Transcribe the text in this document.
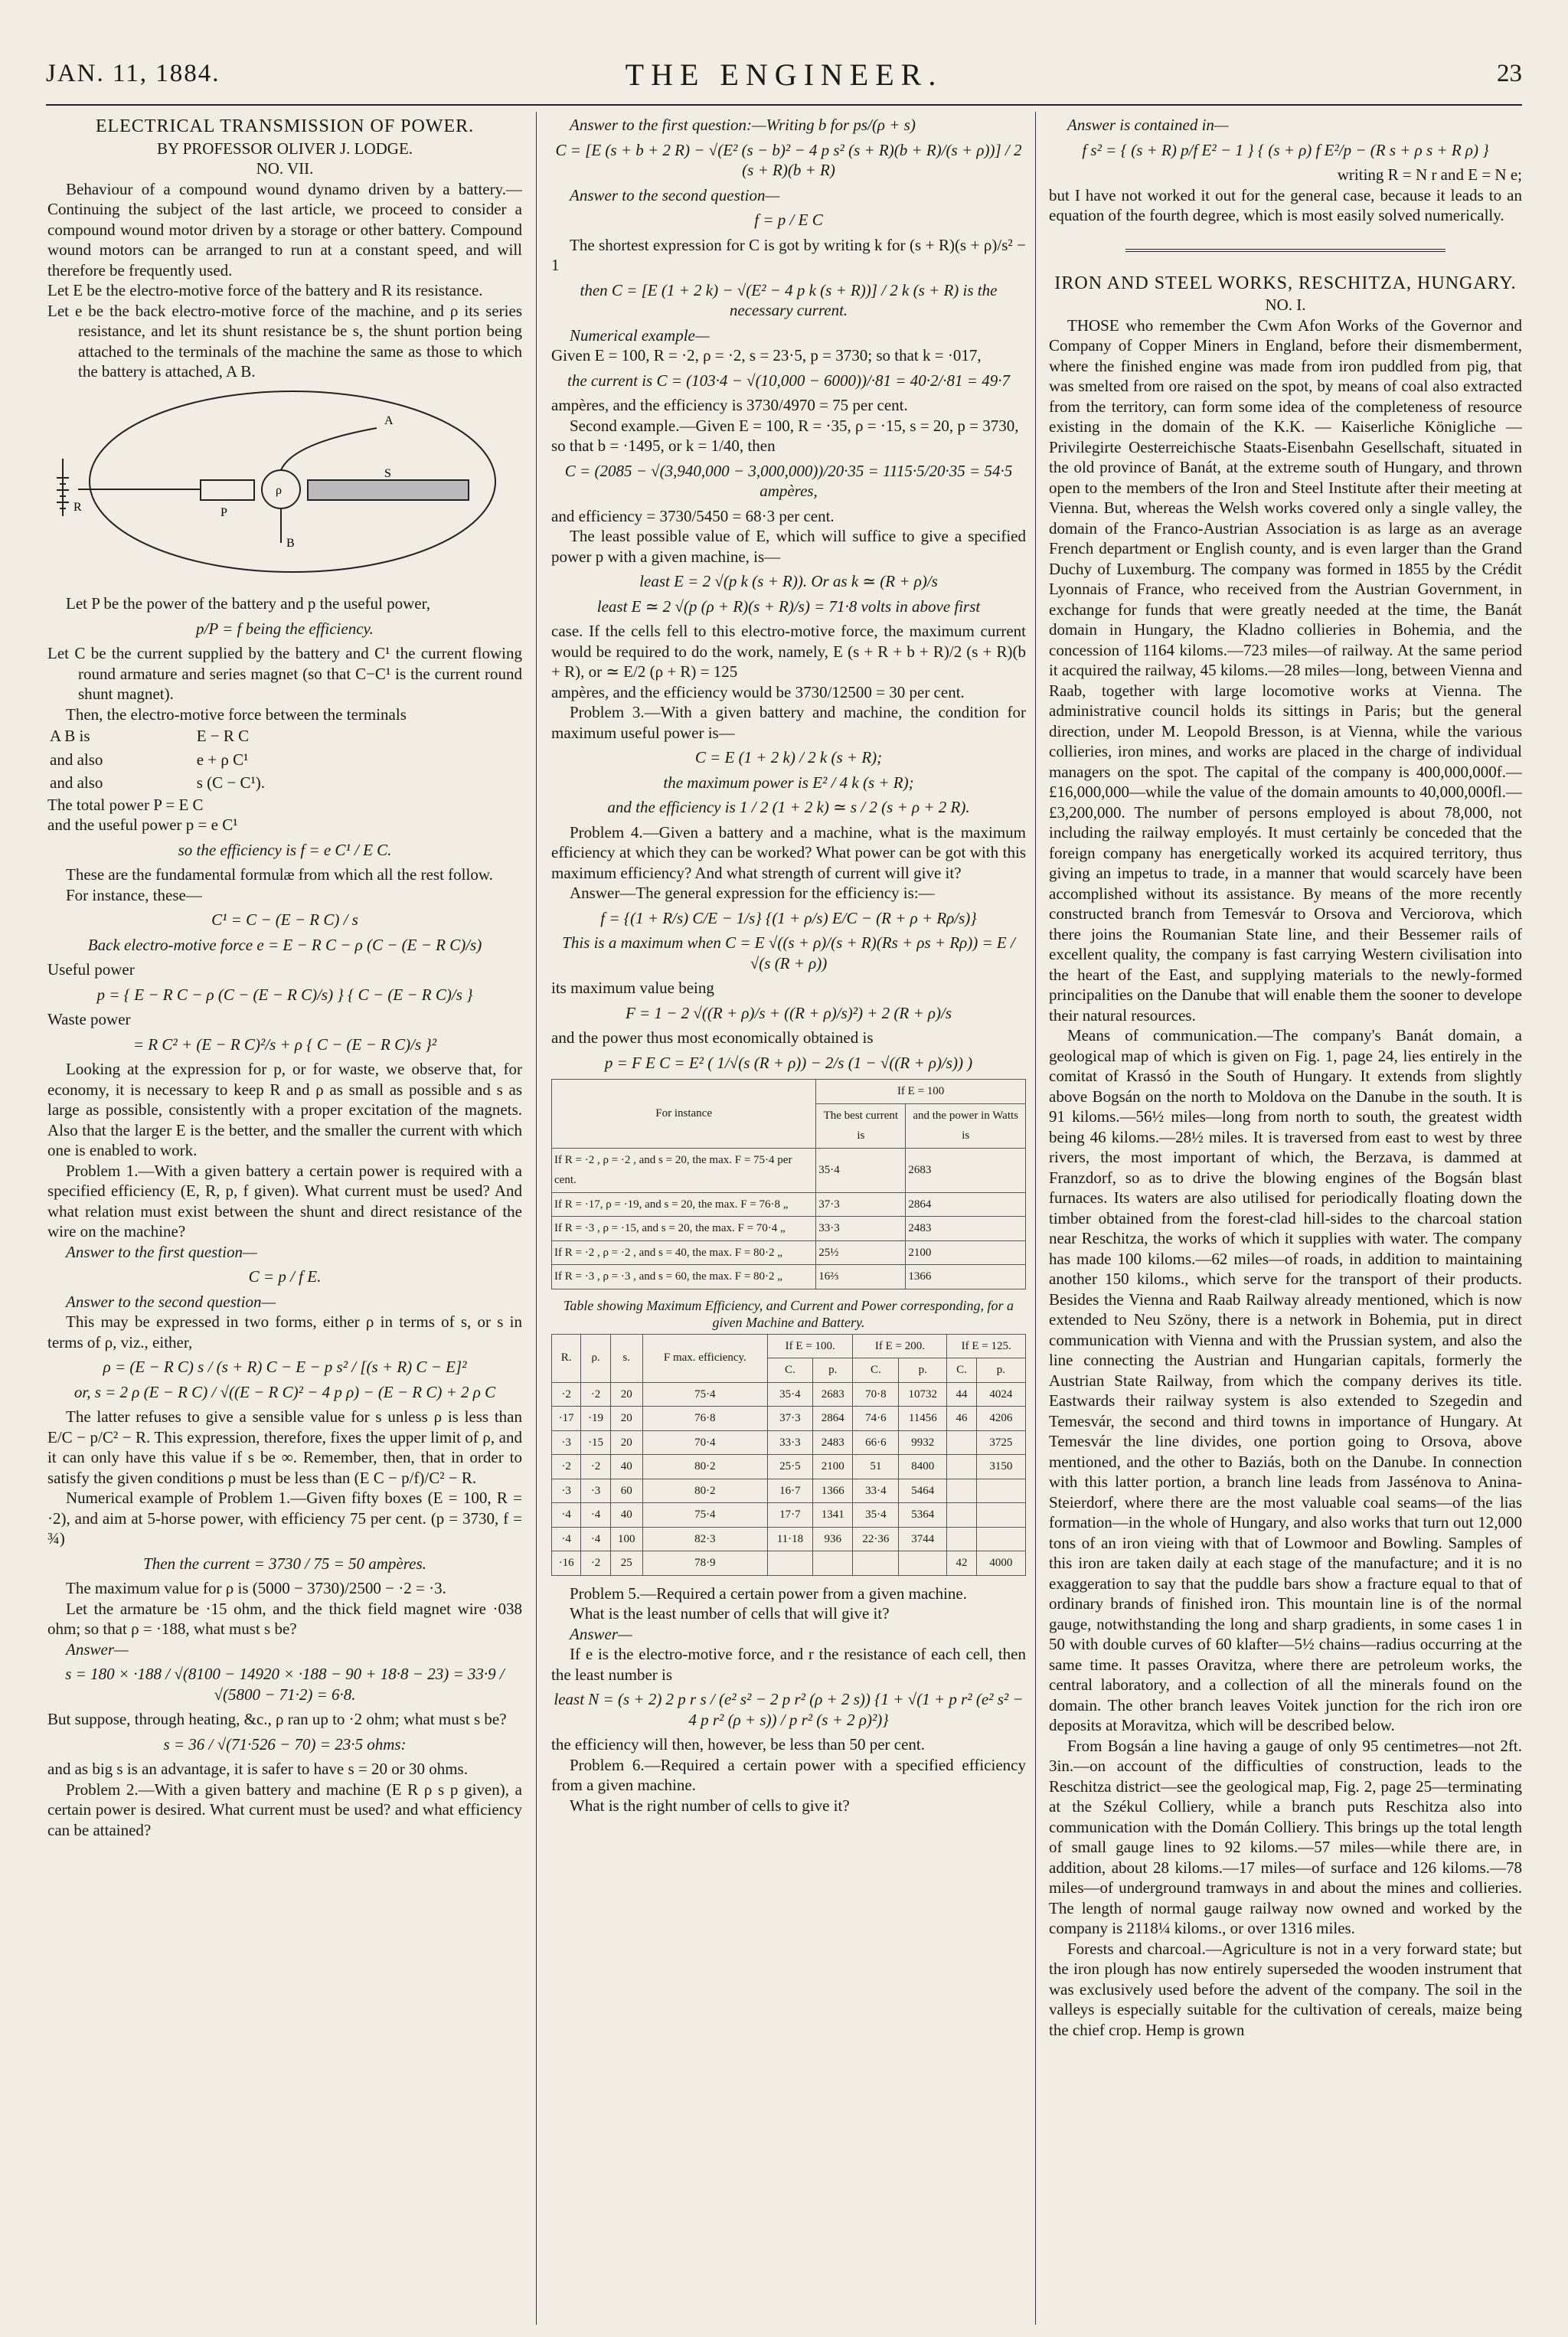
JAN. 11, 1884.	THE ENGINEER.	23
ELECTRICAL TRANSMISSION OF POWER.

BY PROFESSOR OLIVER J. LODGE.

NO. VII.

Behaviour of a compound wound dynamo driven by a battery.—Continuing the subject of the last article, we proceed to consider a compound wound motor driven by a storage or other battery. Compound wound motors can be arranged to run at a constant speed, and will therefore be frequently used.

Let E be the electro-motive force of the battery and R its resistance.

Let e be the back electro-motive force of the machine, and ρ its series resistance, and let its shunt resistance be s, the shunt portion being attached to the terminals of the machine the same as those to which the battery is attached, A B.

A
R	P
ρ
S
B

Let P be the power of the battery and p the useful power,

p/P = f being the efficiency.

Let C be the current supplied by the battery and C¹ the current flowing round armature and series magnet (so that C−C¹ is the current round shunt magnet).

Then, the electro-motive force between the terminals

A B is	E − R C
and also	e + ρ C¹
and also	s (C − C¹).

The total power P = E C

and the useful power p = e C¹

so the efficiency is f = e C¹ / E C.

These are the fundamental formulæ from which all the rest follow.

For instance, these—

C¹ = C − (E − R C) / s

Back electro-motive force e = E − R C − ρ (C − (E − R C)/s)

Useful power

p = { E − R C − ρ (C − (E − R C)/s) } { C − (E − R C)/s }

Waste power

= R C² + (E − R C)²/s + ρ { C − (E − R C)/s }²

Looking at the expression for p, or for waste, we observe that, for economy, it is necessary to keep R and ρ as small as possible and s as large as possible, consistently with a proper excitation of the magnets. Also that the larger E is the better, and the smaller the current with which one is enabled to work.

Problem 1.—With a given battery a certain power is required with a specified efficiency (E, R, p, f given). What current must be used? And what relation must exist between the shunt and direct resistance of the wire on the machine?

Answer to the first question—

C = p / f E.

Answer to the second question—

This may be expressed in two forms, either ρ in terms of s, or s in terms of ρ, viz., either,

ρ = (E − R C) s / (s + R) C − E − p s² / [(s + R) C − E]²

or, s = 2 ρ (E − R C) / √((E − R C)² − 4 p ρ) − (E − R C) + 2 ρ C

The latter refuses to give a sensible value for s unless ρ is less than E/C − p/C² − R. This expression, therefore, fixes the upper limit of ρ, and it can only have this value if s be ∞. Remember, then, that in order to satisfy the given conditions ρ must be less than (E C − p/f)/C² − R.

Numerical example of Problem 1.—Given fifty boxes (E = 100, R = ·2), and aim at 5-horse power, with efficiency 75 per cent. (p = 3730, f = ¾)

Then the current = 3730 / 75 = 50 ampères.

The maximum value for ρ is (5000 − 3730)/2500 − ·2 = ·3.

Let the armature be ·15 ohm, and the thick field magnet wire ·038 ohm; so that ρ = ·188, what must s be?

Answer—

s = 180 × ·188 / √(8100 − 14920 × ·188 − 90 + 18·8 − 23) = 33·9 / √(5800 − 71·2) = 6·8.

But suppose, through heating, &c., ρ ran up to ·2 ohm; what must s be?

s = 36 / √(71·526 − 70) = 23·5 ohms:

and as big s is an advantage, it is safer to have s = 20 or 30 ohms.

Problem 2.—With a given battery and machine (E R ρ s p given), a certain power is desired. What current must be used? and what efficiency can be attained?

Answer to the first question:—Writing b for ps/(ρ + s)

C = [E (s + b + 2 R) − √(E² (s − b)² − 4 p s² (s + R)(b + R)/(s + ρ))] / 2 (s + R)(b + R)

Answer to the second question—

f = p / E C

The shortest expression for C is got by writing k for (s + R)(s + ρ)/s² − 1

then C = [E (1 + 2 k) − √(E² − 4 p k (s + R))] / 2 k (s + R) is the necessary current.

Numerical example—

Given E = 100, R = ·2, ρ = ·2, s = 23·5, p = 3730; so that k = ·017,

the current is C = (103·4 − √(10,000 − 6000))/·81 = 40·2/·81 = 49·7

ampères, and the efficiency is 3730/4970 = 75 per cent.

Second example.—Given E = 100, R = ·35, ρ = ·15, s = 20, p = 3730,

so that b = ·1495, or k = 1/40, then

C = (2085 − √(3,940,000 − 3,000,000))/20·35 = 1115·5/20·35 = 54·5 ampères,

and efficiency = 3730/5450 = 68·3 per cent.

The least possible value of E, which will suffice to give a specified power p with a given machine, is—

least E = 2 √(p k (s + R)). Or as k ≃ (R + ρ)/s

least E ≃ 2 √(p (ρ + R)(s + R)/s) = 71·8 volts in above first

case. If the cells fell to this electro-motive force, the maximum current would be required to do the work, namely, E (s + R + b + R)/2 (s + R)(b + R), or ≃ E/2 (ρ + R) = 125

ampères, and the efficiency would be 3730/12500 = 30 per cent.

Problem 3.—With a given battery and machine, the condition for maximum useful power is—

C = E (1 + 2 k) / 2 k (s + R);

the maximum power is E² / 4 k (s + R);

and the efficiency is 1 / 2 (1 + 2 k) ≃ s / 2 (s + ρ + 2 R).

Problem 4.—Given a battery and a machine, what is the maximum efficiency at which they can be worked? What power can be got with this maximum efficiency? And what strength of current will give it?

Answer—The general expression for the efficiency is:—

f = {(1 + R/s) C/E − 1/s} {(1 + ρ/s) E/C − (R + ρ + Rρ/s)}

This is a maximum when C = E √((s + ρ)/(s + R)(Rs + ρs + Rρ)) = E / √(s (R + ρ))

its maximum value being

F = 1 − 2 √((R + ρ)/s + ((R + ρ)/s)²) + 2 (R + ρ)/s

and the power thus most economically obtained is

p = F E C = E² ( 1/√(s (R + ρ)) − 2/s (1 − √((R + ρ)/s)) )

For instance	If E = 100	
	The best current is	and the power in Watts is
If R = ·2 , ρ = ·2 , and s = 20, the max. F = 75·4 per cent.	35·4	2683
If R = ·17, ρ = ·19, and s = 20, the max. F = 76·8 „	37·3	2864
If R = ·3 , ρ = ·15, and s = 20, the max. F = 70·4 „	33·3	2483
If R = ·2 , ρ = ·2 , and s = 40, the max. F = 80·2 „	25½	2100
If R = ·3 , ρ = ·3 , and s = 60, the max. F = 80·2 „	16⅔	1366

Table showing Maximum Efficiency, and Current and Power corresponding, for a given Machine and Battery.

R.	ρ.	s.	F max. efficiency.	If E = 100.		If E = 200.		If E = 125.	
				C.	p.	C.	p.	C.	p.
·2	·2	20	75·4	35·4	2683	70·8	10732	44	4024
·17	·19	20	76·8	37·3	2864	74·6	11456	46	4206
·3	·15	20	70·4	33·3	2483	66·6	9932		3725
·2	·2	40	80·2	25·5	2100	51	8400		3150
·3	·3	60	80·2	16·7	1366	33·4	5464		
·4	·4	40	75·4	17·7	1341	35·4	5364		
·4	·4	100	82·3	11·18	936	22·36	3744		
·16	·2	25	78·9					42	4000

Problem 5.—Required a certain power from a given machine.

What is the least number of cells that will give it?

Answer—

If e is the electro-motive force, and r the resistance of each cell, then the least number is

least N = (s + 2) 2 p r s / (e² s² − 2 p r² (ρ + 2 s)) {1 + √(1 + p r² (e² s² − 4 p r² (ρ + s)) / p r² (s + 2 ρ)²)}

the efficiency will then, however, be less than 50 per cent.

Problem 6.—Required a certain power with a specified efficiency from a given machine.

What is the right number of cells to give it?

Answer is contained in—

f s² = { (s + R) p/f E² − 1 } { (s + ρ) f E²/p − (R s + ρ s + R ρ) }

writing R = N r and E = N e;

but I have not worked it out for the general case, because it leads to an equation of the fourth degree, which is most easily solved numerically.

IRON AND STEEL WORKS, RESCHITZA, HUNGARY.

NO. I.

THOSE who remember the Cwm Afon Works of the Governor and Company of Copper Miners in England, before their dismemberment, where the finished engine was made from iron puddled from pig, that was smelted from ore raised on the spot, by means of coal also extracted from the territory, can form some idea of the completeness of resource existing in the domain of the K.K. — Kaiserliche Königliche — Privilegirte Oesterreichische Staats-Eisenbahn Gesellschaft, situated in the old province of Banát, at the extreme south of Hungary, and thrown open to the members of the Iron and Steel Institute after their meeting at Vienna. But, whereas the Welsh works covered only a single valley, the domain of the Franco-Austrian Association is as large as an average French department or English county, and is even larger than the Grand Duchy of Luxemburg. The company was formed in 1855 by the Crédit Lyonnais of France, who received from the Austrian Government, in exchange for funds that were greatly needed at the time, the Banát domain in Hungary, the Kladno collieries in Bohemia, and the concession of 1164 kiloms.—723 miles—of railway. At the same period it acquired the railway, 45 kiloms.—28 miles—long, between Vienna and Raab, together with large locomotive works at Vienna. The administrative council holds its sittings in Paris; but the general direction, under M. Leopold Bresson, is at Vienna, while the various collieries, iron mines, and works are placed in the charge of individual managers on the spot. The capital of the company is 400,000,000f.—£16,000,000—while the value of the domain amounts to 40,000,000fl.—£3,200,000. The number of persons employed is about 78,000, not including the railway employés. It must certainly be conceded that the foreign company has energetically worked its acquired territory, thus giving an impetus to trade, in a manner that would scarcely have been accomplished without its assistance. By means of the more recently constructed branch from Temesvár to Orsova and Verciorova, which there joins the Roumanian State line, and their Bessemer rails of excellent quality, the company is fast carrying Western civilisation into the heart of the East, and supplying materials to the newly-formed principalities on the Danube that will enable them the sooner to develope their natural resources.

Means of communication.—The company's Banát domain, a geological map of which is given on Fig. 1, page 24, lies entirely in the comitat of Krassó in the South of Hungary. It extends from slightly above Bogsán on the north to Moldova on the Danube in the south. It is 91 kiloms.—56½ miles—long from north to south, the greatest width being 46 kiloms.—28½ miles. It is traversed from east to west by three rivers, the most important of which, the Berzava, is dammed at Franzdorf, so as to drive the blowing engines of the Bogsán blast furnaces. Its waters are also utilised for periodically floating down the timber obtained from the forest-clad hill-sides to the charcoal station near Reschitza, the works of which it supplies with water. The company has made 100 kiloms.—62 miles—of roads, in addition to maintaining another 150 kiloms., which serve for the transport of their products. Besides the Vienna and Raab Railway already mentioned, which is now extended to Neu Szöny, there is a network in Bohemia, put in direct communication with Vienna and with the Prussian system, and also the line connecting the Austrian and Hungarian capitals, formerly the Austrian State Railway, from which the company derives its title. Eastwards their railway system is also extended to Szegedin and Temesvár, the second and third towns in importance of Hungary. At Temesvár the line divides, one portion going to Orsova, above mentioned, and the other to Baziás, both on the Danube. In connection with this latter portion, a branch line leads from Jassénova to Anina-Steierdorf, where there are the most valuable coal seams—of the lias formation—in the whole of Hungary, and also works that turn out 12,000 tons of an iron vieing with that of Lowmoor and Bowling. Samples of this iron are taken daily at each stage of the manufacture; and it is no exaggeration to say that the puddle bars show a fracture equal to that of ordinary brands of finished iron. This mountain line is of the normal gauge, notwithstanding the long and sharp gradients, in some cases 1 in 50 with double curves of 60 klafter—5½ chains—radius occurring at the same time. It passes Oravitza, where there are petroleum works, the central laboratory, and a collection of all the minerals found on the domain. The other branch leaves Voitek junction for the rich iron ore deposits at Moravitza, which will be described below.

From Bogsán a line having a gauge of only 95 centimetres—not 2ft. 3in.—on account of the difficulties of construction, leads to the Reschitza district—see the geological map, Fig. 2, page 25—terminating at the Székul Colliery, while a branch puts Reschitza also into communication with the Domán Colliery. This brings up the total length of small gauge lines to 92 kiloms.—57 miles—while there are, in addition, about 28 kiloms.—17 miles—of surface and 126 kiloms.—78 miles—of underground tramways in and about the mines and collieries. The length of normal gauge railway now owned and worked by the company is 2118¼ kiloms., or over 1316 miles.

Forests and charcoal.—Agriculture is not in a very forward state; but the iron plough has now entirely superseded the wooden instrument that was exclusively used before the advent of the company. The soil in the valleys is especially suitable for the cultivation of cereals, maize being the chief crop. Hemp is grown
